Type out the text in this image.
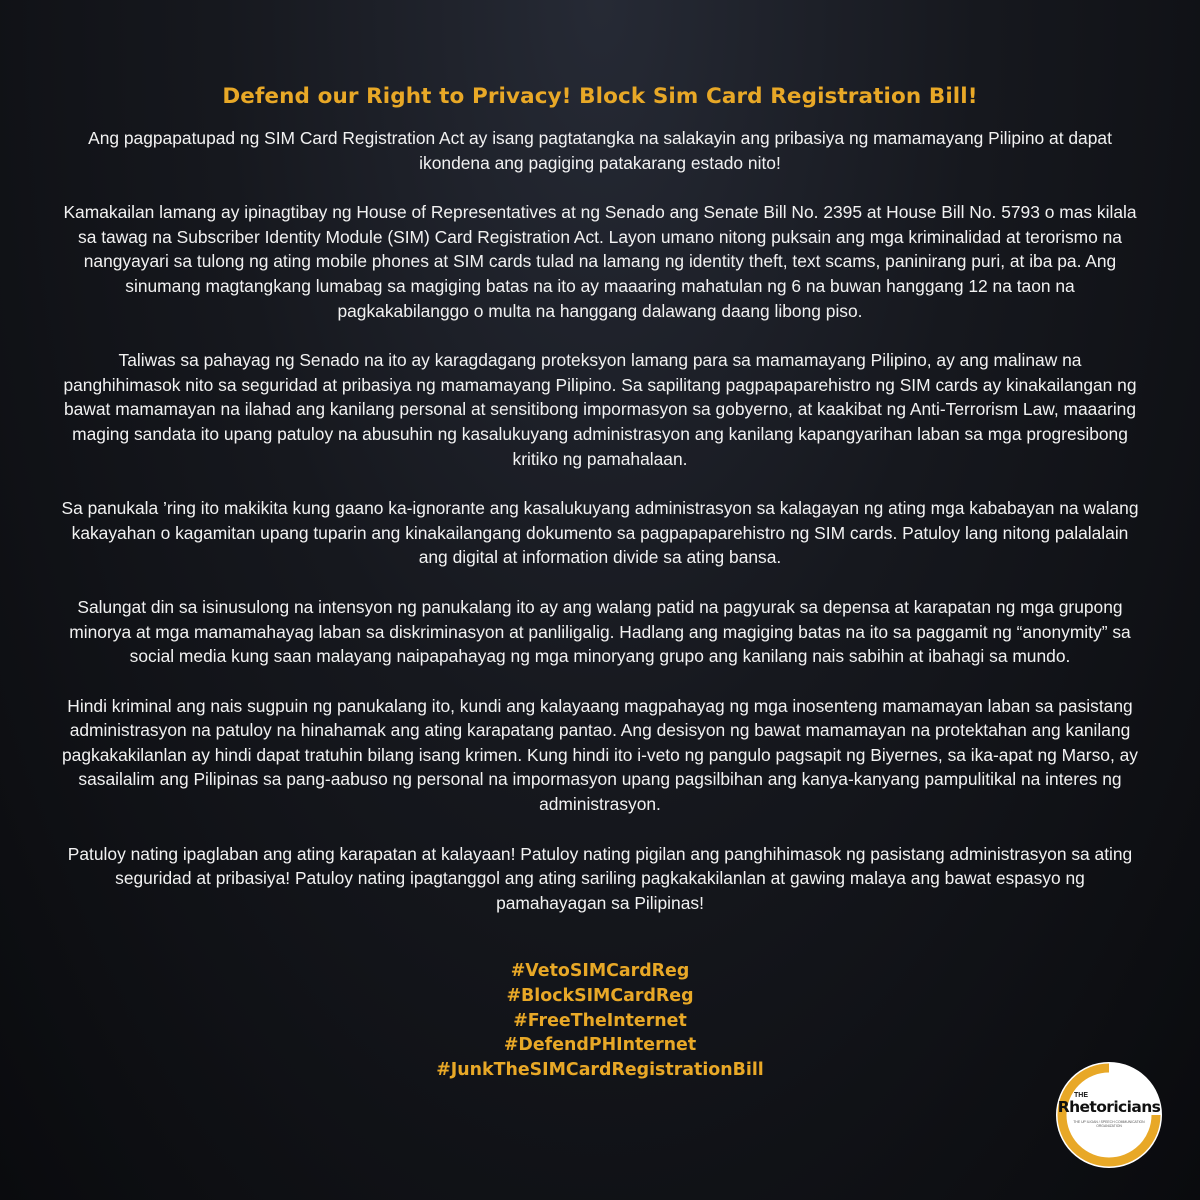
Defend our Right to Privacy! Block Sim Card Registration Bill!

Ang pagpapatupad ng SIM Card Registration Act ay isang pagtatangka na salakayin ang pribasiya ng mamamayang Pilipino at dapat ikondena ang pagiging patakarang estado nito!

Kamakailan lamang ay ipinagtibay ng House of Representatives at ng Senado ang Senate Bill No. 2395 at House Bill No. 5793 o mas kilala sa tawag na Subscriber Identity Module (SIM) Card Registration Act. Layon umano nitong puksain ang mga kriminalidad at terorismo na nangyayari sa tulong ng ating mobile phones at SIM cards tulad na lamang ng identity theft, text scams, paninirang puri, at iba pa. Ang sinumang magtangkang lumabag sa magiging batas na ito ay maaaring mahatulan ng 6 na buwan hanggang 12 na taon na pagkakabilanggo o multa na hanggang dalawang daang libong piso.

Taliwas sa pahayag ng Senado na ito ay karagdagang proteksyon lamang para sa mamamayang Pilipino, ay ang malinaw na panghihimasok nito sa seguridad at pribasiya ng mamamayang Pilipino. Sa sapilitang pagpapaparehistro ng SIM cards ay kinakailangan ng bawat mamamayan na ilahad ang kanilang personal at sensitibong impormasyon sa gobyerno, at kaakibat ng Anti-Terrorism Law, maaaring maging sandata ito upang patuloy na abusuhin ng kasalukuyang administrasyon ang kanilang kapangyarihan laban sa mga progresibong kritiko ng pamahalaan.

Sa panukala ’ring ito makikita kung gaano ka-ignorante ang kasalukuyang administrasyon sa kalagayan ng ating mga kababayan na walang kakayahan o kagamitan upang tuparin ang kinakailangang dokumento sa pagpapaparehistro ng SIM cards. Patuloy lang nitong palalalain ang digital at information divide sa ating bansa.

Salungat din sa isinusulong na intensyon ng panukalang ito ay ang walang patid na pagyurak sa depensa at karapatan ng mga grupong minorya at mga mamamahayag laban sa diskriminasyon at panliligalig. Hadlang ang magiging batas na ito sa paggamit ng “anonymity” sa social media kung saan malayang naipapahayag ng mga minoryang grupo ang kanilang nais sabihin at ibahagi sa mundo.

Hindi kriminal ang nais sugpuin ng panukalang ito, kundi ang kalayaang magpahayag ng mga inosenteng mamamayan laban sa pasistang administrasyon na patuloy na hinahamak ang ating karapatang pantao. Ang desisyon ng bawat mamamayan na protektahan ang kanilang pagkakakilanlan ay hindi dapat tratuhin bilang isang krimen. Kung hindi ito i-veto ng pangulo pagsapit ng Biyernes, sa ika-apat ng Marso, ay sasailalim ang Pilipinas sa pang-aabuso ng personal na impormasyon upang pagsilbihan ang kanya-kanyang pampulitikal na interes ng administrasyon.

Patuloy nating ipaglaban ang ating karapatan at kalayaan! Patuloy nating pigilan ang panghihimasok ng pasistang administrasyon sa ating seguridad at pribasiya! Patuloy nating ipagtanggol ang ating sariling pagkakakilanlan at gawing malaya ang bawat espasyo ng pamahayagan sa Pilipinas!

#VetoSIMCardReg
#BlockSIMCardReg
#FreeTheInternet
#DefendPHInternet
#JunkTheSIMCardRegistrationBill
THE
Rhetoricians
THE UP ILIGAN / SPEECH COMMUNICATION ORGANIZATION
